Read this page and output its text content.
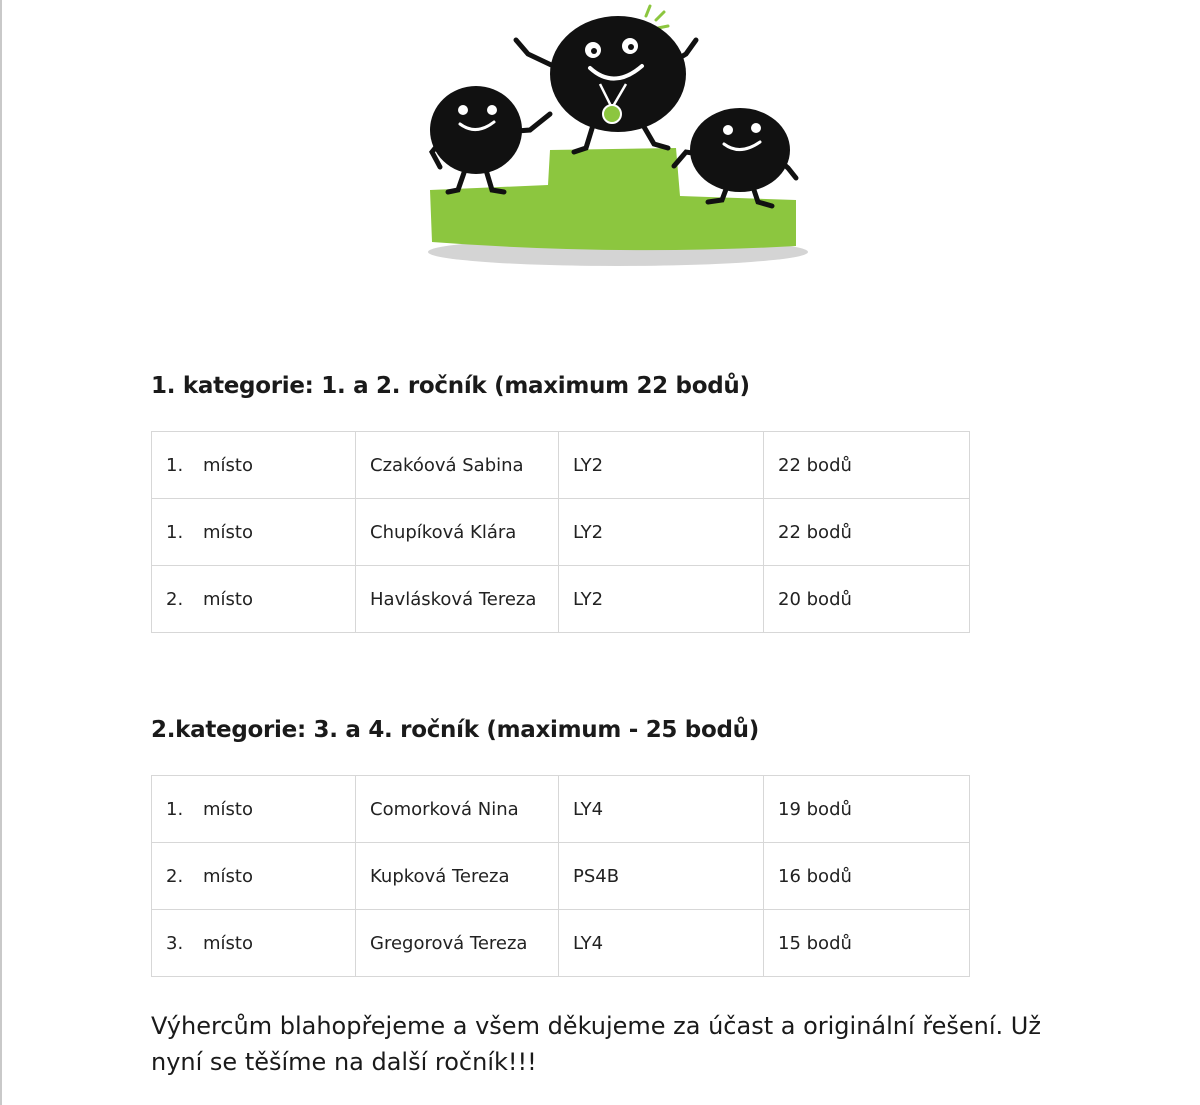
1. kategorie: 1. a 2. ročník (maximum 22 bodů)
1. místo	Czakóová Sabina	LY2	22 bodů
1. místo	Chupíková Klára	LY2	22 bodů
2. místo	Havlásková Tereza	LY2	20 bodů
2.kategorie: 3. a 4. ročník (maximum - 25 bodů)
1. místo	Comorková Nina	LY4	19 bodů
2. místo	Kupková Tereza	PS4B	16 bodů
3. místo	Gregorová Tereza	LY4	15 bodů

Výhercům blahopřejeme a všem děkujeme za účast a originální řešení. Už nyní se těšíme na další ročník!!!
